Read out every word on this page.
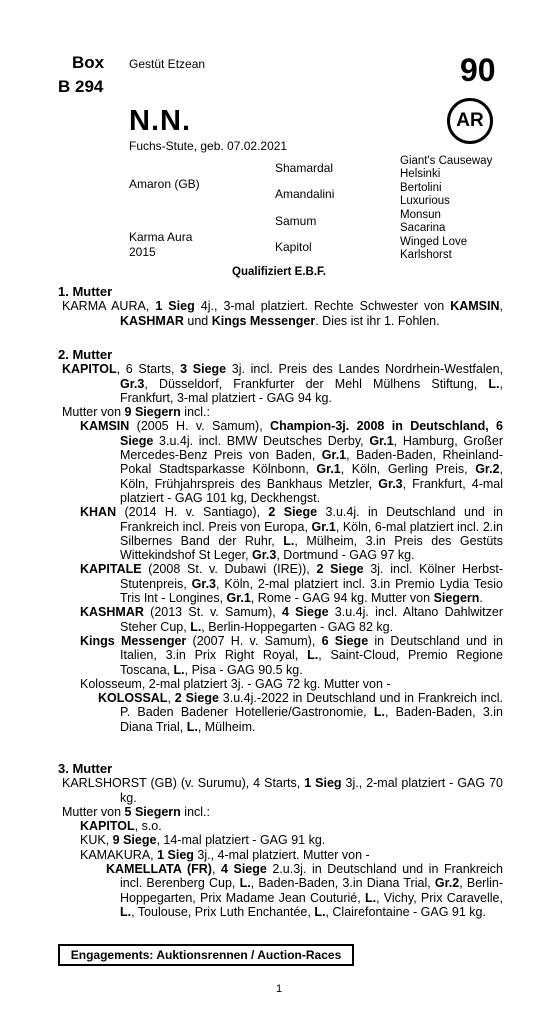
Box
B 294
Gestüt Etzean	90
AR
N.N.
Fuchs-Stute, geb. 07.02.2021
Amaron (GB)
Karma Aura
2015
Shamardal
Amandalini
Samum
Kapitol
Giant's Causeway
Helsinki
Bertolini
Luxurious
Monsun
Sacarina
Winged Love
Karlshorst
Qualifiziert E.B.F.
1. Mutter
KARMA AURA, 1 Sieg 4j., 3-mal platziert. Rechte Schwester von KAMSIN, KASHMAR und Kings Messenger. Dies ist ihr 1. Fohlen.
2. Mutter
KAPITOL, 6 Starts, 3 Siege 3j. incl. Preis des Landes Nordrhein-Westfalen, Gr.3, Düsseldorf, Frankfurter der Mehl Mülhens Stiftung, L., Frankfurt, 3-mal platziert - GAG 94 kg.
Mutter von 9 Siegern incl.:
KAMSIN (2005 H. v. Samum), Champion-3j. 2008 in Deutschland, 6 Siege 3.u.4j. incl. BMW Deutsches Derby, Gr.1, Hamburg, Großer Mercedes-Benz Preis von Baden, Gr.1, Baden-Baden, Rheinland-Pokal Stadtsparkasse Kölnbonn, Gr.1, Köln, Gerling Preis, Gr.2, Köln, Frühjahrspreis des Bankhaus Metzler, Gr.3, Frankfurt, 4-mal platziert - GAG 101 kg, Deckhengst.
KHAN (2014 H. v. Santiago), 2 Siege 3.u.4j. in Deutschland und in Frankreich incl. Preis von Europa, Gr.1, Köln, 6-mal platziert incl. 2.in Silbernes Band der Ruhr, L., Mülheim, 3.in Preis des Gestüts Wittekindshof St Leger, Gr.3, Dortmund - GAG 97 kg.
KAPITALE (2008 St. v. Dubawi (IRE)), 2 Siege 3j. incl. Kölner Herbst-Stutenpreis, Gr.3, Köln, 2-mal platziert incl. 3.in Premio Lydia Tesio Tris Int - Longines, Gr.1, Rome - GAG 94 kg. Mutter von Siegern.
KASHMAR (2013 St. v. Samum), 4 Siege 3.u.4j. incl. Altano Dahlwitzer Steher Cup, L., Berlin-Hoppegarten - GAG 82 kg.
Kings Messenger (2007 H. v. Samum), 6 Siege in Deutschland und in Italien, 3.in Prix Right Royal, L., Saint-Cloud, Premio Regione Toscana, L., Pisa - GAG 90.5 kg.
Kolosseum, 2-mal platziert 3j. - GAG 72 kg. Mutter von -
KOLOSSAL, 2 Siege 3.u.4j.-2022 in Deutschland und in Frankreich incl. P. Baden Badener Hotellerie/Gastronomie, L., Baden-Baden, 3.in Diana Trial, L., Mülheim.
3. Mutter
KARLSHORST (GB) (v. Surumu), 4 Starts, 1 Sieg 3j., 2-mal platziert - GAG 70 kg.
Mutter von 5 Siegern incl.:
KAPITOL, s.o.
KUK, 9 Siege, 14-mal platziert - GAG 91 kg.
KAMAKURA, 1 Sieg 3j., 4-mal platziert. Mutter von -
KAMELLATA (FR), 4 Siege 2.u.3j. in Deutschland und in Frankreich incl. Berenberg Cup, L., Baden-Baden, 3.in Diana Trial, Gr.2, Berlin-Hoppegarten, Prix Madame Jean Couturié, L., Vichy, Prix Caravelle, L., Toulouse, Prix Luth Enchantée, L., Clairefontaine - GAG 91 kg.
Engagements: Auktionsrennen / Auction-Races
1
